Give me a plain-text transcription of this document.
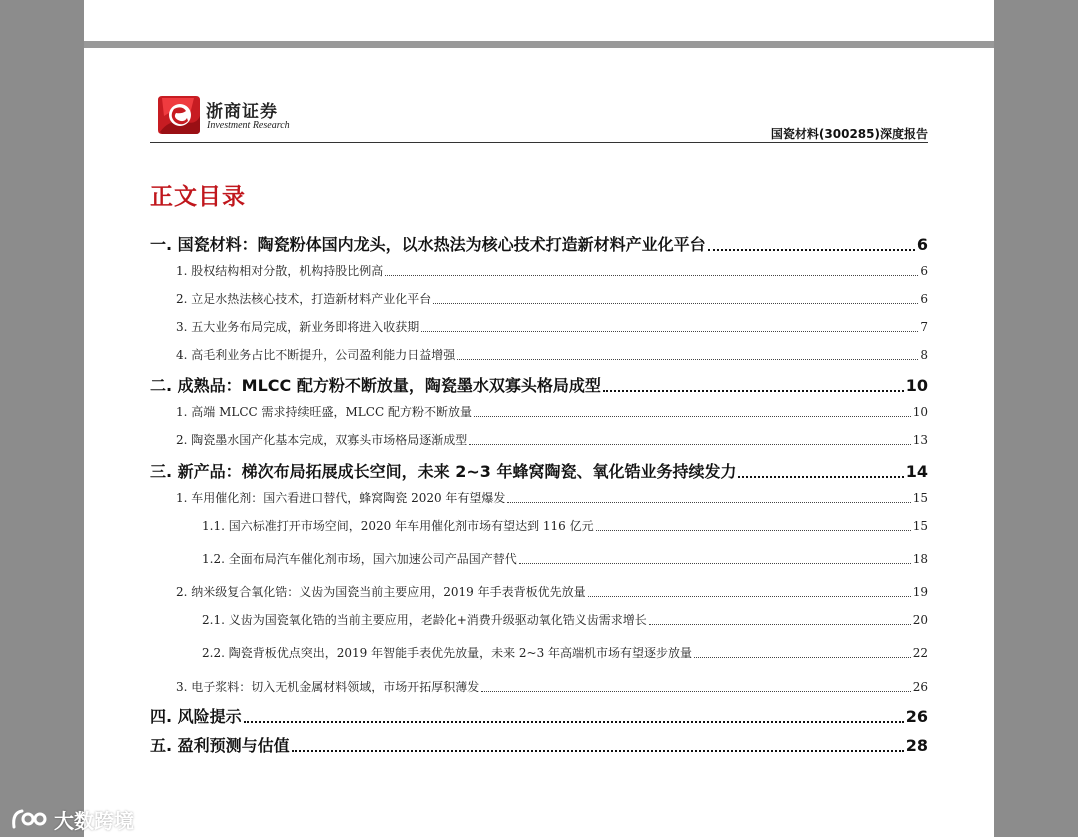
浙商证券
Investment Research
国瓷材料(300285)深度报告
正文目录
一. 国瓷材料：陶瓷粉体国内龙头，以水热法为核心技术打造新材料产业化平台	6
1. 股权结构相对分散，机构持股比例高	6
2. 立足水热法核心技术，打造新材料产业化平台	6
3. 五大业务布局完成，新业务即将进入收获期	7
4. 高毛利业务占比不断提升，公司盈利能力日益增强	8
二. 成熟品：MLCC 配方粉不断放量，陶瓷墨水双寡头格局成型	10
1. 高端 MLCC 需求持续旺盛，MLCC 配方粉不断放量	10
2. 陶瓷墨水国产化基本完成，双寡头市场格局逐渐成型	13
三. 新产品：梯次布局拓展成长空间，未来 2~3 年蜂窝陶瓷、氧化锆业务持续发力	14
1. 车用催化剂：国六看进口替代，蜂窝陶瓷 2020 年有望爆发	15
1.1. 国六标准打开市场空间，2020 年车用催化剂市场有望达到 116 亿元	15
1.2. 全面布局汽车催化剂市场，国六加速公司产品国产替代	18
2. 纳米级复合氧化锆：义齿为国瓷当前主要应用，2019 年手表背板优先放量	19
2.1. 义齿为国瓷氧化锆的当前主要应用，老龄化+消费升级驱动氧化锆义齿需求增长	20
2.2. 陶瓷背板优点突出，2019 年智能手表优先放量，未来 2~3 年高端机市场有望逐步放量	22
3. 电子浆料：切入无机金属材料领域，市场开拓厚积薄发	26
四. 风险提示	26
五. 盈利预测与估值	28
大数跨境
